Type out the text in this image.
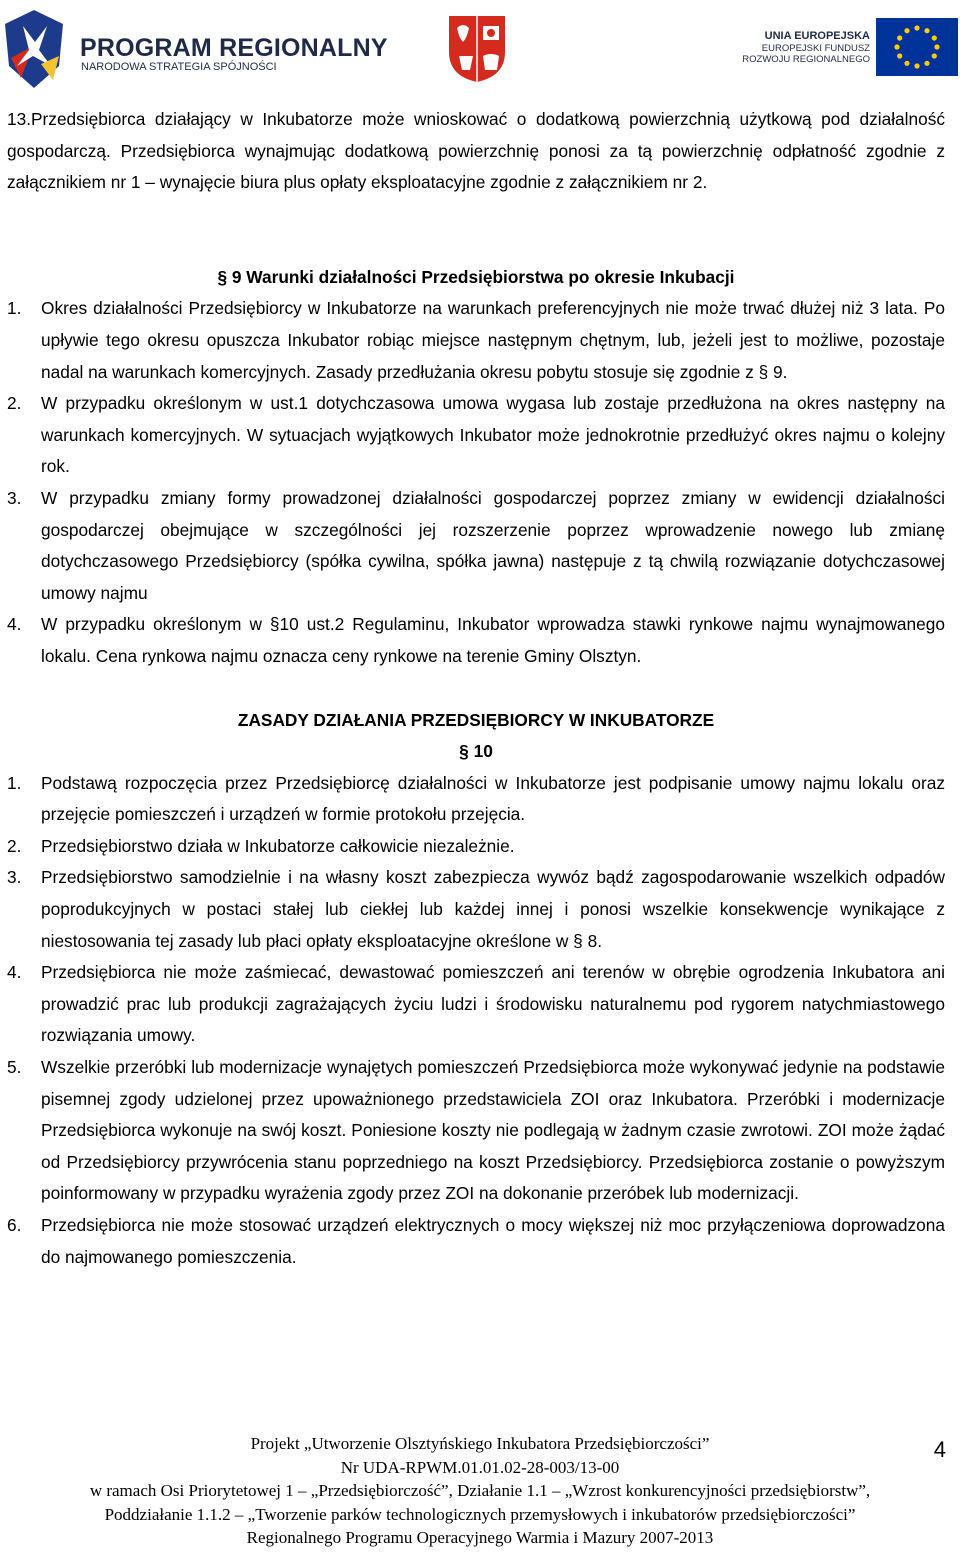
PROGRAM REGIONALNY
NARODOWA STRATEGIA SPÓJNOŚCI
UNIA EUROPEJSKA
EUROPEJSKI FUNDUSZ
ROZWOJU REGIONALNEGO

13.Przedsiębiorca działający w Inkubatorze może wnioskować o dodatkową powierzchnią użytkową pod działalność gospodarczą. Przedsiębiorca wynajmując dodatkową powierzchnię ponosi za tą powierzchnię odpłatność zgodnie z załącznikiem nr 1 – wynajęcie biura plus opłaty eksploatacyjne zgodnie z załącznikiem nr 2.

§ 9 Warunki działalności Przedsiębiorstwa po okresie Inkubacji

1.	Okres działalności Przedsiębiorcy w Inkubatorze na warunkach preferencyjnych nie może trwać dłużej niż 3 lata. Po upływie tego okresu opuszcza Inkubator robiąc miejsce następnym chętnym, lub, jeżeli jest to możliwe, pozostaje nadal na warunkach komercyjnych. Zasady przedłużania okresu pobytu stosuje się zgodnie z § 9.
2.	W przypadku określonym w ust.1 dotychczasowa umowa wygasa lub zostaje przedłużona na okres następny na warunkach komercyjnych. W sytuacjach wyjątkowych Inkubator może jednokrotnie przedłużyć okres najmu o kolejny rok.
3.	W przypadku zmiany formy prowadzonej działalności gospodarczej poprzez zmiany w ewidencji działalności gospodarczej obejmujące w szczególności jej rozszerzenie poprzez wprowadzenie nowego lub zmianę dotychczasowego Przedsiębiorcy (spółka cywilna, spółka jawna) następuje z tą chwilą rozwiązanie dotychczasowej umowy najmu
4.	W przypadku określonym w §10 ust.2 Regulaminu, Inkubator wprowadza stawki rynkowe najmu wynajmowanego lokalu. Cena rynkowa najmu oznacza ceny rynkowe na terenie Gminy Olsztyn.

ZASADY DZIAŁANIA PRZEDSIĘBIORCY W INKUBATORZE

§ 10

1.	Podstawą rozpoczęcia przez Przedsiębiorcę działalności w Inkubatorze jest podpisanie umowy najmu lokalu oraz przejęcie pomieszczeń i urządzeń w formie protokołu przejęcia.
2.	Przedsiębiorstwo działa w Inkubatorze całkowicie niezależnie.
3.	Przedsiębiorstwo samodzielnie i na własny koszt zabezpiecza wywóz bądź zagospodarowanie wszelkich odpadów poprodukcyjnych w postaci stałej lub ciekłej lub każdej innej i ponosi wszelkie konsekwencje wynikające z niestosowania tej zasady lub płaci opłaty eksploatacyjne określone w § 8.
4.	Przedsiębiorca nie może zaśmiecać, dewastować pomieszczeń ani terenów w obrębie ogrodzenia Inkubatora ani prowadzić prac lub produkcji zagrażających życiu ludzi i środowisku naturalnemu pod rygorem natychmiastowego rozwiązania umowy.
5.	Wszelkie przeróbki lub modernizacje wynajętych pomieszczeń Przedsiębiorca może wykonywać jedynie na podstawie pisemnej zgody udzielonej przez upoważnionego przedstawiciela ZOI oraz Inkubatora. Przeróbki i modernizacje Przedsiębiorca wykonuje na swój koszt. Poniesione koszty nie podlegają w żadnym czasie zwrotowi. ZOI może żądać od Przedsiębiorcy przywrócenia stanu poprzedniego na koszt Przedsiębiorcy. Przedsiębiorca zostanie o powyższym poinformowany w przypadku wyrażenia zgody przez ZOI na dokonanie przeróbek lub modernizacji.
6.	Przedsiębiorca nie może stosować urządzeń elektrycznych o mocy większej niż moc przyłączeniowa doprowadzona do najmowanego pomieszczenia.
Projekt „Utworzenie Olsztyńskiego Inkubatora Przedsiębiorczości”
Nr UDA-RPWM.01.01.02-28-003/13-00
w ramach Osi Priorytetowej 1 – „Przedsiębiorczość”, Działanie 1.1 – „Wzrost konkurencyjności przedsiębiorstw”,
Poddziałanie 1.1.2 – „Tworzenie parków technologicznych przemysłowych i inkubatorów przedsiębiorczości”
Regionalnego Programu Operacyjnego Warmia i Mazury 2007-2013
4
